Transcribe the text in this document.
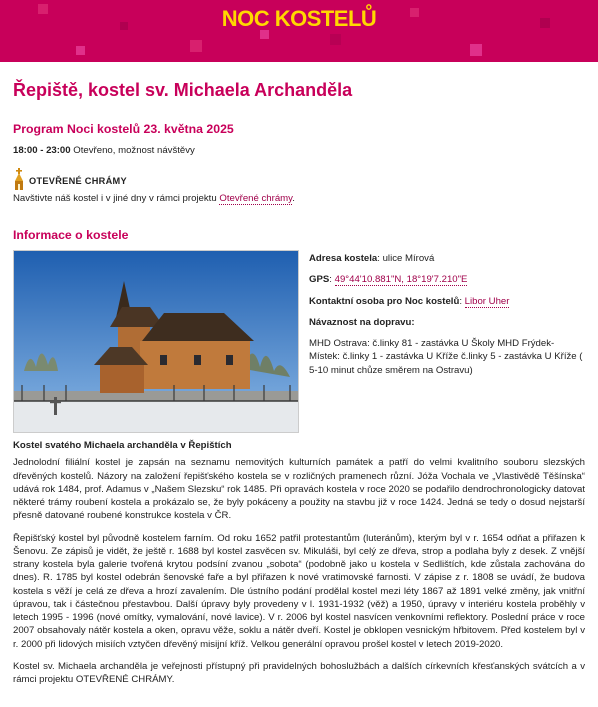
NOC KOSTELŮ
Řepiště, kostel sv. Michaela Archanděla
Program Noci kostelů 23. května 2025
18:00 - 23:00 Otevřeno, možnost návštěvy
OTEVŘENÉ CHRÁMY
Navštivte náš kostel i v jiné dny v rámci projektu Otevřené chrámy.
Informace o kostele

Adresa kostela: ulice Mírová

GPS: 49°44'10.881"N, 18°19'7.210"E

Kontaktní osoba pro Noc kostelů: Libor Uher

Návaznost na dopravu:

MHD Ostrava: č.linky 81 - zastávka U Školy MHD Frýdek-Místek: č.linky 1 - zastávka U Kříže č.linky 5 - zastávka U Kříže ( 5-10 minut chůze směrem na Ostravu)

Kostel svatého Michaela archanděla v Řepištích

Jednolodní filiální kostel je zapsán na seznamu nemovitých kulturních památek a patří do velmi kvalitního souboru slezských dřevěných kostelů. Názory na založení řepišťského kostela se v rozličných pramenech různí. Jóža Vochala ve „Vlastivědě Těšínska“ udává rok 1484, prof. Adamus v „Našem Slezsku“ rok 1485. Při opravách kostela v roce 2020 se podařilo dendrochronologicky datovat některé trámy roubení kostela a prokázalo se, že byly pokáceny a použity na stavbu již v roce 1424. Jedná se tedy o dosud nejstarší přesně datované roubené konstrukce kostela v ČR.

Řepišťský kostel byl původně kostelem farním. Od roku 1652 patřil protestantům (luteránům), kterým byl v r. 1654 odňat a přiřazen k Šenovu. Ze zápisů je vidět, že ještě r. 1688 byl kostel zasvěcen sv. Mikuláši, byl celý ze dřeva, strop a podlaha byly z desek. Z vnější strany kostela byla galerie tvořená krytou podsíní zvanou „sobota“ (podobně jako u kostela v Sedlištích, kde zůstala zachována do dnes). R. 1785 byl kostel odebrán šenovské faře a byl přiřazen k nové vratimovské farnosti. V zápise z r. 1808 se uvádí, že budova kostela s věží je celá ze dřeva a hrozí zavalením. Dle ústního podání prodělal kostel mezi léty 1867 až 1891 velké změny, jak vnitřní úpravou, tak i částečnou přestavbou. Další úpravy byly provedeny v l. 1931-1932 (věž) a 1950, úpravy v interiéru kostela proběhly v letech 1995 - 1996 (nové omítky, vymalování, nové lavice). V r. 2006 byl kostel nasvícen venkovními reflektory. Poslední práce v roce 2007 obsahovaly nátěr kostela a oken, opravu věže, soklu a nátěr dveří. Kostel je obklopen vesnickým hřbitovem. Před kostelem byl v r. 2000 při lidových misiích vztyčen dřevěný misijní kříž. Velkou generální opravou prošel kostel v letech 2019-2020.

Kostel sv. Michaela archanděla je veřejnosti přístupný při pravidelných bohoslužbách a dalších církevních křesťanských svátcích a v rámci projektu OTEVŘENÉ CHRÁMY.
